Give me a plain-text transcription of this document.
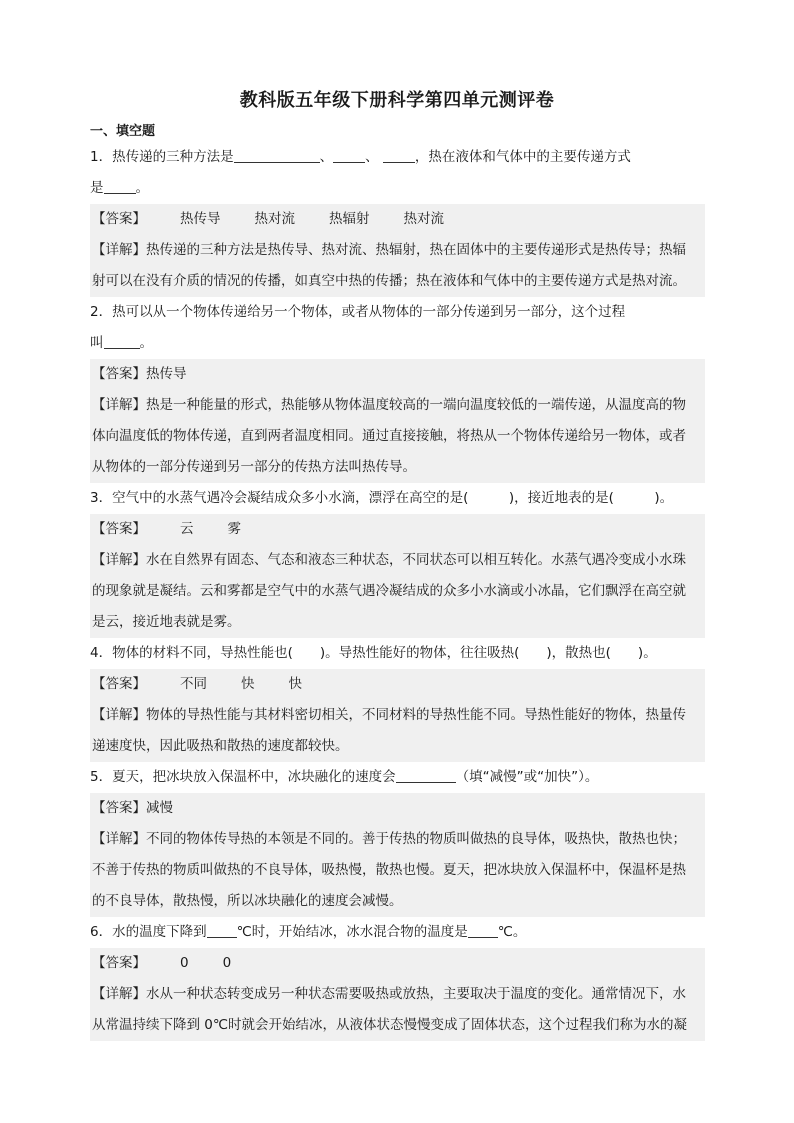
教科版五年级下册科学第四单元测评卷
一、填空题

1．热传递的三种方法是	、 、 ，热在液体和气体中的主要传递方式

是 。

【答案】	热传导	热对流	热辐射	热对流

【详解】热传递的三种方法是热传导、热对流、热辐射，热在固体中的主要传递形式是热传导；热辐

射可以在没有介质的情况的传播，如真空中热的传播；热在液体和气体中的主要传递方式是热对流。

2．热可以从一个物体传递给另一个物体，或者从物体的一部分传递到另一部分，这个过程

叫	。

【答案】热传导

【详解】热是一种能量的形式，热能够从物体温度较高的一端向温度较低的一端传递，从温度高的物

体向温度低的物体传递，直到两者温度相同。通过直接接触，将热从一个物体传递给另一物体，或者

从物体的一部分传递到另一部分的传热方法叫热传导。

3．空气中的水蒸气遇冷会凝结成众多小水滴，漂浮在高空的是(　　　)，接近地表的是(　　　)。

【答案】	云	雾

【详解】水在自然界有固态、气态和液态三种状态，不同状态可以相互转化。水蒸气遇冷变成小水珠

的现象就是凝结。云和雾都是空气中的水蒸气遇冷凝结成的众多小水滴或小冰晶，它们飘浮在高空就

是云，接近地表就是雾。

4．物体的材料不同，导热性能也(　　)。导热性能好的物体，往往吸热(　　)，散热也(　　)。

【答案】	不同	快	快

【详解】物体的导热性能与其材料密切相关，不同材料的导热性能不同。导热性能好的物体，热量传

递速度快，因此吸热和散热的速度都较快。

5．夏天，把冰块放入保温杯中，冰块融化的速度会	（填“减慢”或“加快”）。

【答案】减慢

【详解】不同的物体传导热的本领是不同的。善于传热的物质叫做热的良导体，吸热快，散热也快；

不善于传热的物质叫做热的不良导体，吸热慢，散热也慢。夏天，把冰块放入保温杯中，保温杯是热

的不良导体，散热慢，所以冰块融化的速度会减慢。

6．水的温度下降到 ℃时，开始结冰，冰水混合物的温度是 ℃。

【答案】	0	0

【详解】水从一种状态转变成另一种状态需要吸热或放热，主要取决于温度的变化。通常情况下，水

从常温持续下降到 0℃时就会开始结冰，从液体状态慢慢变成了固体状态，这个过程我们称为水的凝
